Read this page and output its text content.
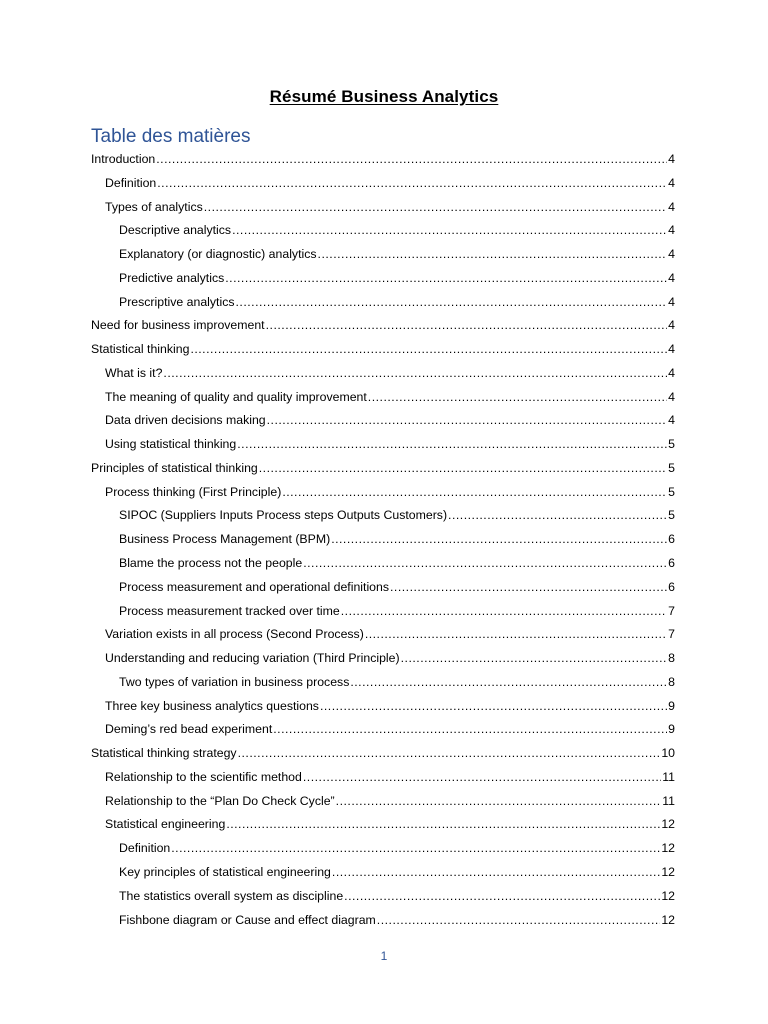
Résumé Business Analytics
Table des matières
Introduction .....	4
Definition .....	4
Types of analytics .....	4
Descriptive analytics .....	4
Explanatory (or diagnostic) analytics .....	4
Predictive analytics .....	4
Prescriptive analytics .....	4
Need for business improvement .....	4
Statistical thinking .....	4
What is it? .....	4
The meaning of quality and quality improvement .....	4
Data driven decisions making .....	4
Using statistical thinking .....	5
Principles of statistical thinking .....	5
Process thinking (First Principle) .....	5
SIPOC (Suppliers Inputs Process steps Outputs Customers) .....	5
Business Process Management (BPM) .....	6
Blame the process not the people .....	6
Process measurement and operational definitions .....	6
Process measurement tracked over time .....	7
Variation exists in all process (Second Process) .....	7
Understanding and reducing variation (Third Principle) .....	8
Two types of variation in business process .....	8
Three key business analytics questions .....	9
Deming’s red bead experiment .....	9
Statistical thinking strategy .....	10
Relationship to the scientific method .....	11
Relationship to the “Plan Do Check Cycle” .....	11
Statistical engineering .....	12
Definition .....	12
Key principles of statistical engineering .....	12
The statistics overall system as discipline .....	12
Fishbone diagram or Cause and effect diagram .....	12
1
